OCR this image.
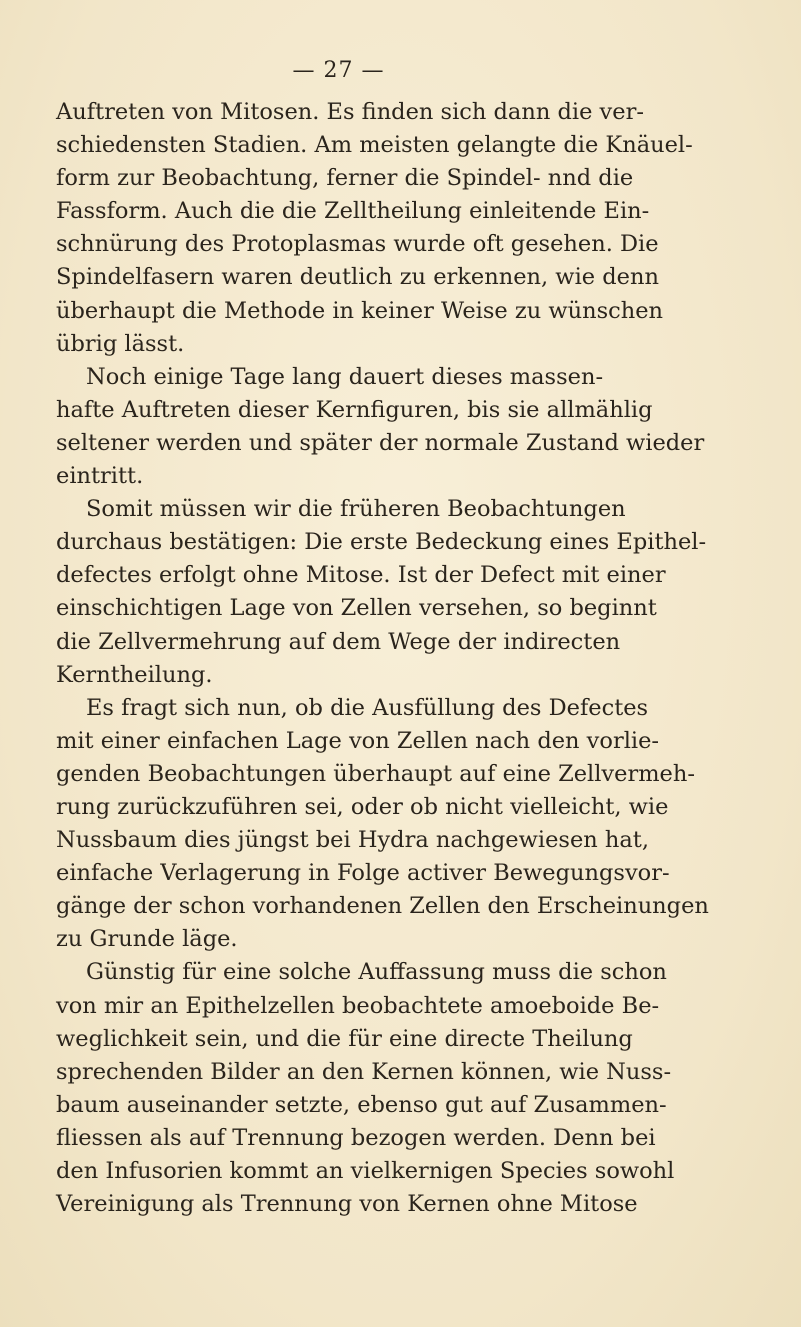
— 27 —
Auftreten von Mitosen. Es finden sich dann die ver-
schiedensten Stadien. Am meisten gelangte die Knäuel-
form zur Beobachtung, ferner die Spindel- nnd die
Fassform. Auch die die Zelltheilung einleitende Ein-
schnürung des Protoplasmas wurde oft gesehen. Die
Spindelfasern waren deutlich zu erkennen, wie denn
überhaupt die Methode in keiner Weise zu wünschen
übrig lässt.
Noch einige Tage lang dauert dieses massen-
hafte Auftreten dieser Kernfiguren, bis sie allmählig
seltener werden und später der normale Zustand wieder
eintritt.
Somit müssen wir die früheren Beobachtungen
durchaus bestätigen: Die erste Bedeckung eines Epithel-
defectes erfolgt ohne Mitose. Ist der Defect mit einer
einschichtigen Lage von Zellen versehen, so beginnt
die Zellvermehrung auf dem Wege der indirecten
Kerntheilung.
Es fragt sich nun, ob die Ausfüllung des Defectes
mit einer einfachen Lage von Zellen nach den vorlie-
genden Beobachtungen überhaupt auf eine Zellvermeh-
rung zurückzuführen sei, oder ob nicht vielleicht, wie
Nussbaum dies jüngst bei Hydra nachgewiesen hat,
einfache Verlagerung in Folge activer Bewegungsvor-
gänge der schon vorhandenen Zellen den Erscheinungen
zu Grunde läge.
Günstig für eine solche Auffassung muss die schon
von mir an Epithelzellen beobachtete amoeboide Be-
weglichkeit sein, und die für eine directe Theilung
sprechenden Bilder an den Kernen können, wie Nuss-
baum auseinander setzte, ebenso gut auf Zusammen-
fliessen als auf Trennung bezogen werden. Denn bei
den Infusorien kommt an vielkernigen Species sowohl
Vereinigung als Trennung von Kernen ohne Mitose
